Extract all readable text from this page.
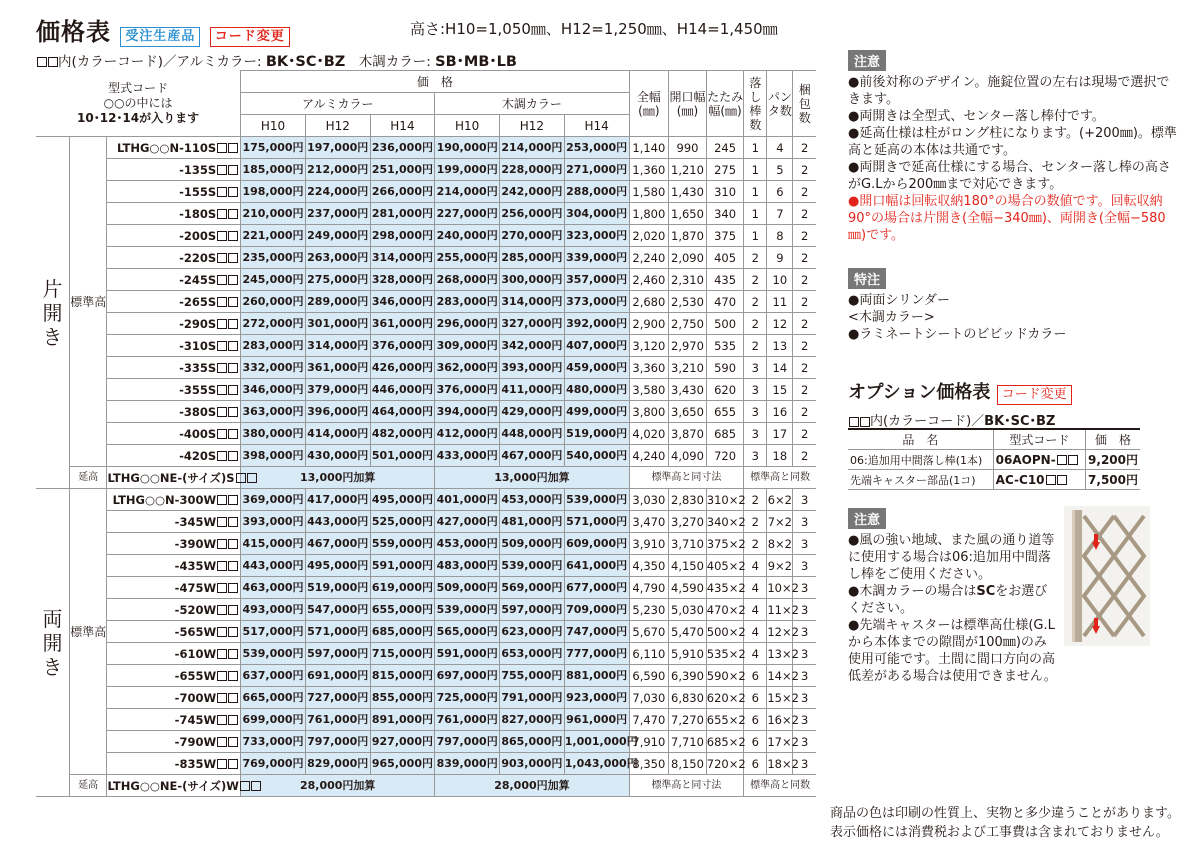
価格表 受注生産品 コード変更	高さ:H10=1,050㎜、H12=1,250㎜、H14=1,450㎜
内(カラーコード)／アルミカラー: BK･SC･BZ　 木調カラー: SB･MB･LB
型式コード
○○の中には
10･12･14が入ります			価　格						全幅(㎜)	開口幅(㎜)	たたみ幅(㎜)	落し棒数	パンタ数	梱包数
			アルミカラー			木調カラー								
			H10	H12	H14	H10	H12	H14						
片開き	標準高	LTHG○○N-110S	175,000円	197,000円	236,000円	190,000円	214,000円	253,000円	1,140	990	245	1	4	2
		-135S	185,000円	212,000円	251,000円	199,000円	228,000円	271,000円	1,360	1,210	275	1	5	2
		-155S	198,000円	224,000円	266,000円	214,000円	242,000円	288,000円	1,580	1,430	310	1	6	2
		-180S	210,000円	237,000円	281,000円	227,000円	256,000円	304,000円	1,800	1,650	340	1	7	2
		-200S	221,000円	249,000円	298,000円	240,000円	270,000円	323,000円	2,020	1,870	375	1	8	2
		-220S	235,000円	263,000円	314,000円	255,000円	285,000円	339,000円	2,240	2,090	405	2	9	2
		-245S	245,000円	275,000円	328,000円	268,000円	300,000円	357,000円	2,460	2,310	435	2	10	2
		-265S	260,000円	289,000円	346,000円	283,000円	314,000円	373,000円	2,680	2,530	470	2	11	2
		-290S	272,000円	301,000円	361,000円	296,000円	327,000円	392,000円	2,900	2,750	500	2	12	2
		-310S	283,000円	314,000円	376,000円	309,000円	342,000円	407,000円	3,120	2,970	535	2	13	2
		-335S	332,000円	361,000円	426,000円	362,000円	393,000円	459,000円	3,360	3,210	590	3	14	2
		-355S	346,000円	379,000円	446,000円	376,000円	411,000円	480,000円	3,580	3,430	620	3	15	2
		-380S	363,000円	396,000円	464,000円	394,000円	429,000円	499,000円	3,800	3,650	655	3	16	2
		-400S	380,000円	414,000円	482,000円	412,000円	448,000円	519,000円	4,020	3,870	685	3	17	2
		-420S	398,000円	430,000円	501,000円	433,000円	467,000円	540,000円	4,240	4,090	720	3	18	2
	延高	LTHG○○NE-(サイズ)S	13,000円加算			13,000円加算			標準高と同寸法			標準高と同数		
両開き	標準高	LTHG○○N-300W	369,000円	417,000円	495,000円	401,000円	453,000円	539,000円	3,030	2,830	310×2	2	6×2	3
		-345W	393,000円	443,000円	525,000円	427,000円	481,000円	571,000円	3,470	3,270	340×2	2	7×2	3
		-390W	415,000円	467,000円	559,000円	453,000円	509,000円	609,000円	3,910	3,710	375×2	2	8×2	3
		-435W	443,000円	495,000円	591,000円	483,000円	539,000円	641,000円	4,350	4,150	405×2	4	9×2	3
		-475W	463,000円	519,000円	619,000円	509,000円	569,000円	677,000円	4,790	4,590	435×2	4	10×2	3
		-520W	493,000円	547,000円	655,000円	539,000円	597,000円	709,000円	5,230	5,030	470×2	4	11×2	3
		-565W	517,000円	571,000円	685,000円	565,000円	623,000円	747,000円	5,670	5,470	500×2	4	12×2	3
		-610W	539,000円	597,000円	715,000円	591,000円	653,000円	777,000円	6,110	5,910	535×2	4	13×2	3
		-655W	637,000円	691,000円	815,000円	697,000円	755,000円	881,000円	6,590	6,390	590×2	6	14×2	3
		-700W	665,000円	727,000円	855,000円	725,000円	791,000円	923,000円	7,030	6,830	620×2	6	15×2	3
		-745W	699,000円	761,000円	891,000円	761,000円	827,000円	961,000円	7,470	7,270	655×2	6	16×2	3
		-790W	733,000円	797,000円	927,000円	797,000円	865,000円	1,001,000円	7,910	7,710	685×2	6	17×2	3
		-835W	769,000円	829,000円	965,000円	839,000円	903,000円	1,043,000円	8,350	8,150	720×2	6	18×2	3
	延高	LTHG○○NE-(サイズ)W	28,000円加算			28,000円加算			標準高と同寸法			標準高と同数		
注意

●前後対称のデザイン。施錠位置の左右は現場で選択できます。

●両開きは全型式、センター落し棒付です。

●延高仕様は柱がロング柱になります。(+200㎜)。標準高と延高の本体は共通です。

●両開きで延高仕様にする場合、センター落し棒の高さがG.Lから200㎜まで対応できます。

●開口幅は回転収納180°の場合の数値です。回転収納90°の場合は片開き(全幅−340㎜)、両開き(全幅−580㎜)です。

特注

●両面シリンダー

<木調カラー>

●ラミネートシートのビビッドカラー

オプション価格表 コード変更
内(カラーコード)／BK･SC･BZ
品　名	型式コード	価　格
06:追加用中間落し棒(1本)	06AOPN-	9,200円
先端キャスター部品(1コ)	AC-C10	7,500円
注意

●風の強い地域、また風の通り道等に使用する場合は06:追加用中間落し棒をご使用ください。

●木調カラーの場合はSCをお選びください。

●先端キャスターは標準高仕様(G.Lから本体までの隙間が100㎜)のみ使用可能です。土間に間口方向の高低差がある場合は使用できません。

商品の色は印刷の性質上、実物と多少違うことがあります。
表示価格には消費税および工事費は含まれておりません。
